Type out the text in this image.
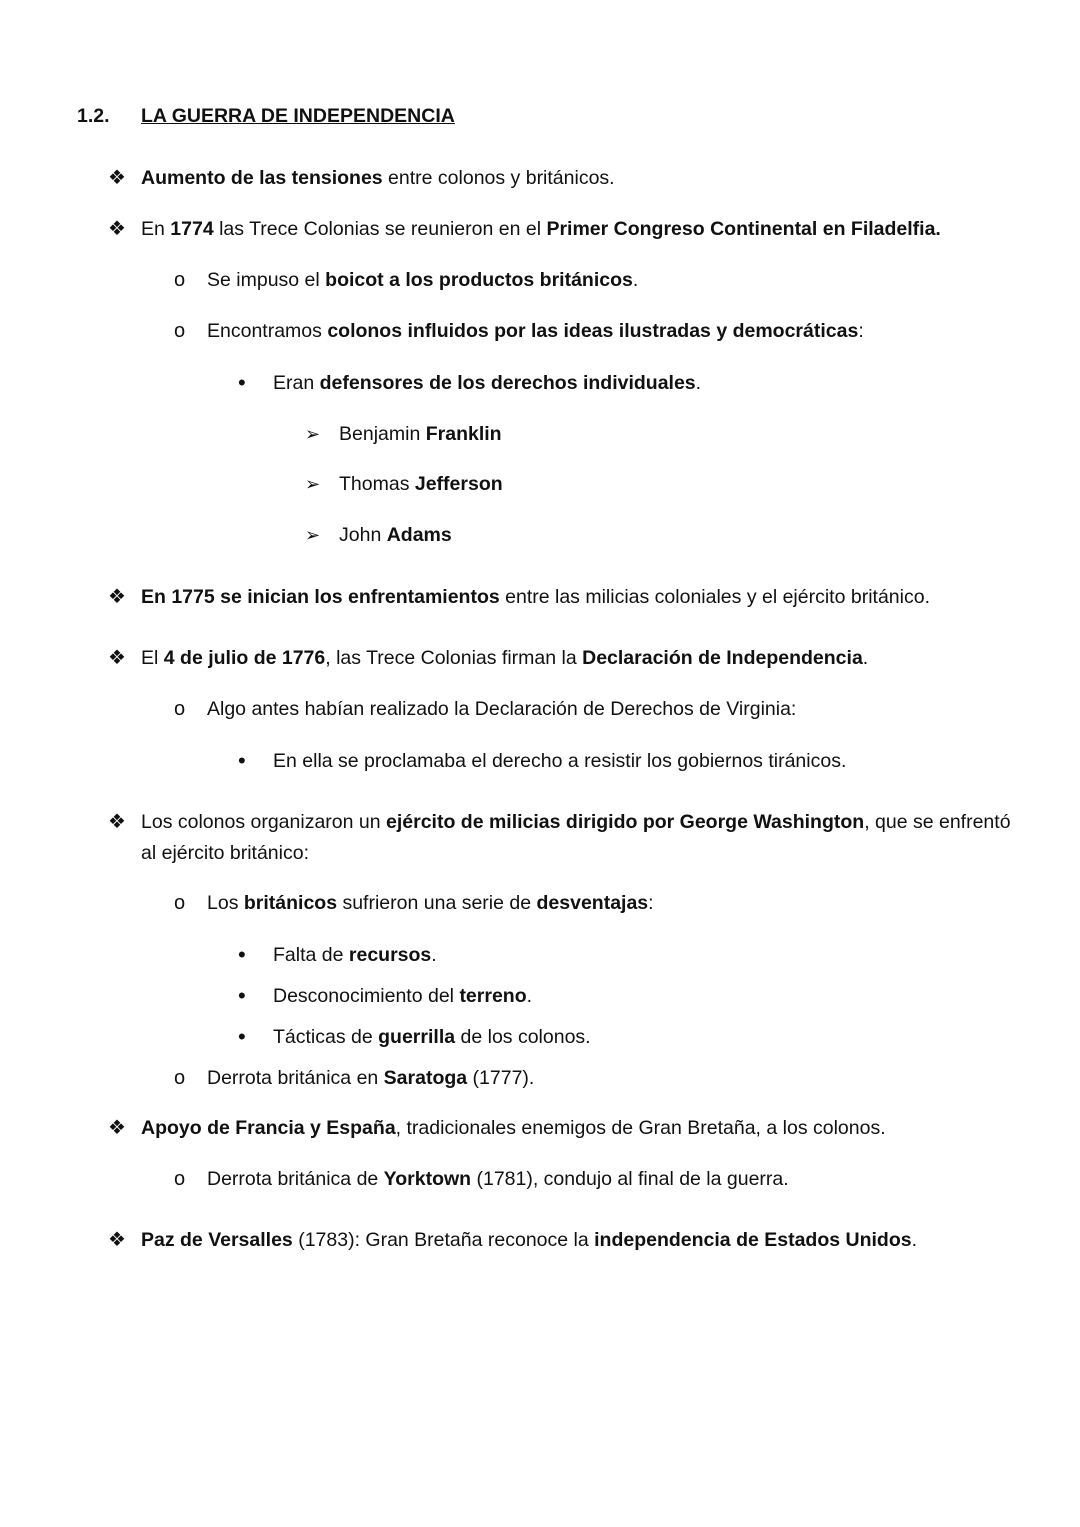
1.2. LA GUERRA DE INDEPENDENCIA
❖ Aumento de las tensiones entre colonos y británicos.
❖ En 1774 las Trece Colonias se reunieron en el Primer Congreso Continental en Filadelfia.
o Se impuso el boicot a los productos británicos.
o Encontramos colonos influidos por las ideas ilustradas y democráticas:
• Eran defensores de los derechos individuales.
➢ Benjamin Franklin
➢ Thomas Jefferson
➢ John Adams
❖ En 1775 se inician los enfrentamientos entre las milicias coloniales y el ejército británico.
❖ El 4 de julio de 1776, las Trece Colonias firman la Declaración de Independencia.
o Algo antes habían realizado la Declaración de Derechos de Virginia:
• En ella se proclamaba el derecho a resistir los gobiernos tiránicos.
❖ Los colonos organizaron un ejército de milicias dirigido por George Washington, que se enfrentó
al ejército británico:
o Los británicos sufrieron una serie de desventajas:
• Falta de recursos.
• Desconocimiento del terreno.
• Tácticas de guerrilla de los colonos.
o Derrota británica en Saratoga (1777).
❖ Apoyo de Francia y España, tradicionales enemigos de Gran Bretaña, a los colonos.
o Derrota británica de Yorktown (1781), condujo al final de la guerra.
❖ Paz de Versalles (1783): Gran Bretaña reconoce la independencia de Estados Unidos.
